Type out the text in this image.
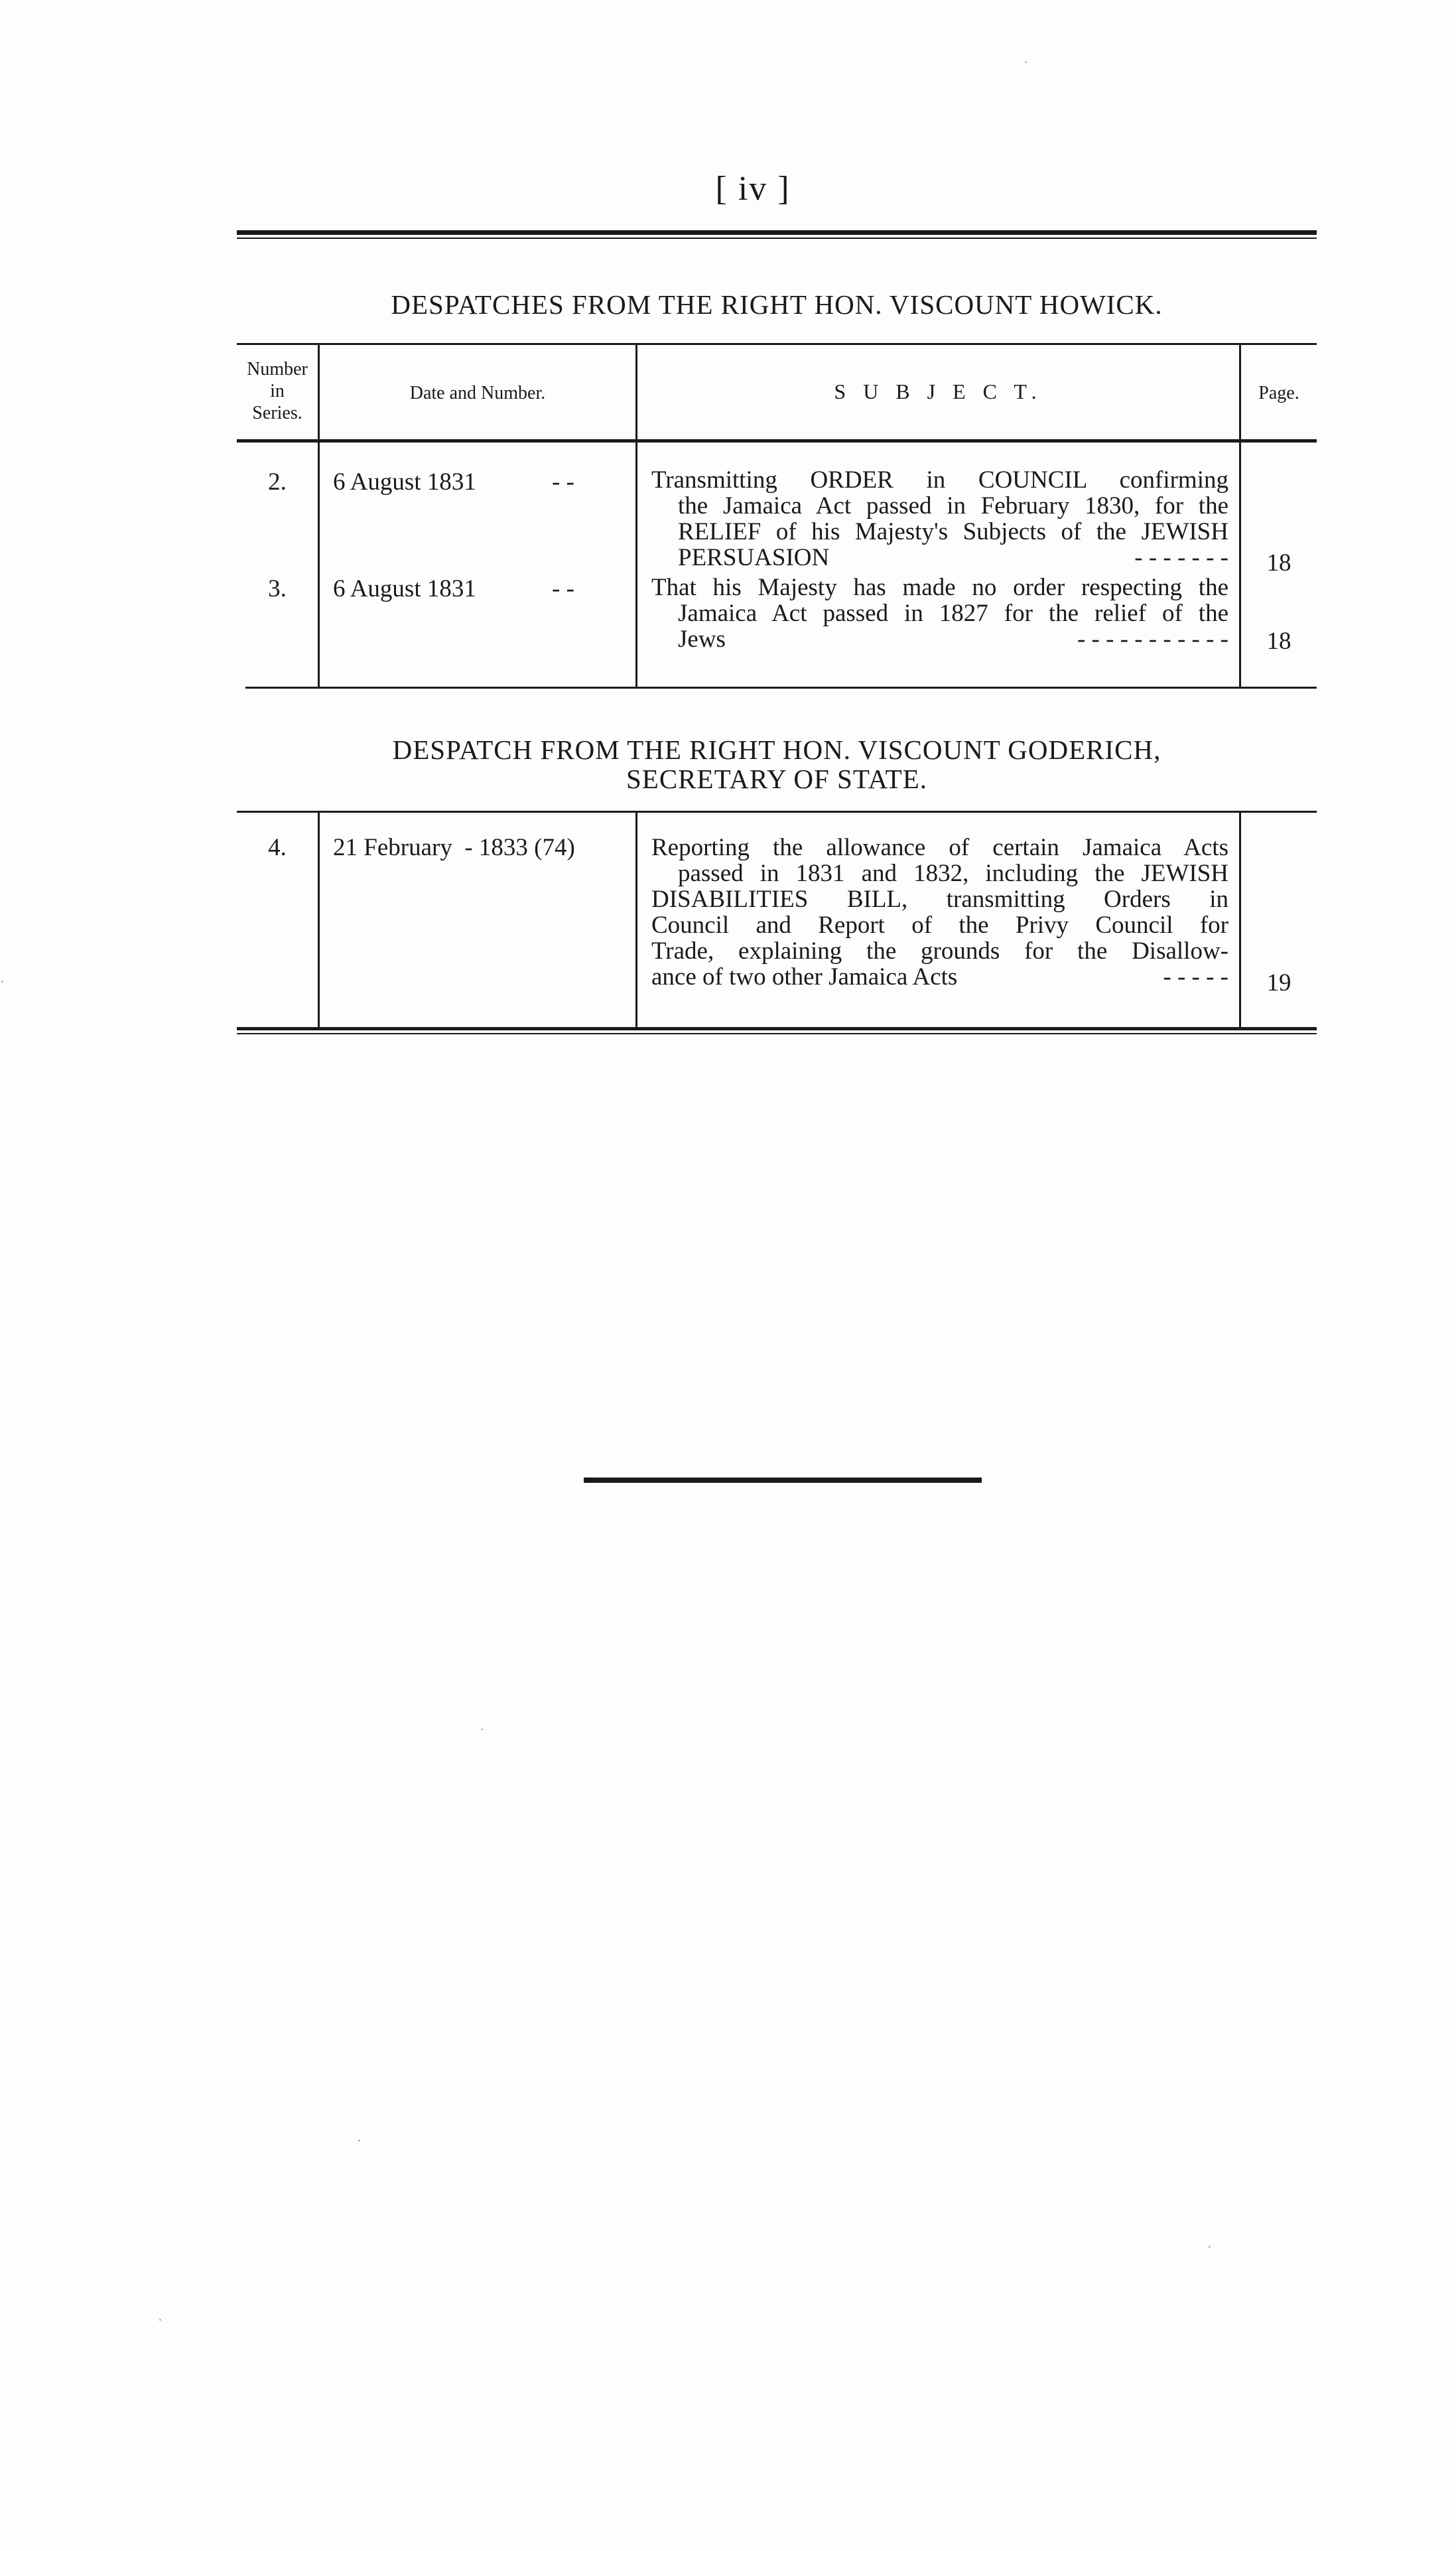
[ iv ]
DESPATCHES FROM THE RIGHT HON. VISCOUNT HOWICK.
Number in Series.
Date and Number.	S U B J E C T.	Page.
2.	6 August 1831	- -	Transmitting ORDER in COUNCIL confirming
the Jamaica Act passed in February 1830, for the
RELIEF of his Majesty's Subjects of the JEWISH
PERSUASION	- - - - - - -	18
3.	6 August 1831	- -	That his Majesty has made no order respecting the
Jamaica Act passed in 1827 for the relief of the
Jews	- - - - - - - - - - -	18
DESPATCH FROM THE RIGHT HON. VISCOUNT GODERICH,
SECRETARY OF STATE.
4.	21 February  - 1833 (74)	Reporting the allowance of certain Jamaica Acts
passed in 1831 and 1832, including the JEWISH
DISABILITIES BILL, transmitting Orders in
Council and Report of the Privy Council for
Trade, explaining the grounds for the Disallow-
ance of two other Jamaica Acts	- - - - -	19
